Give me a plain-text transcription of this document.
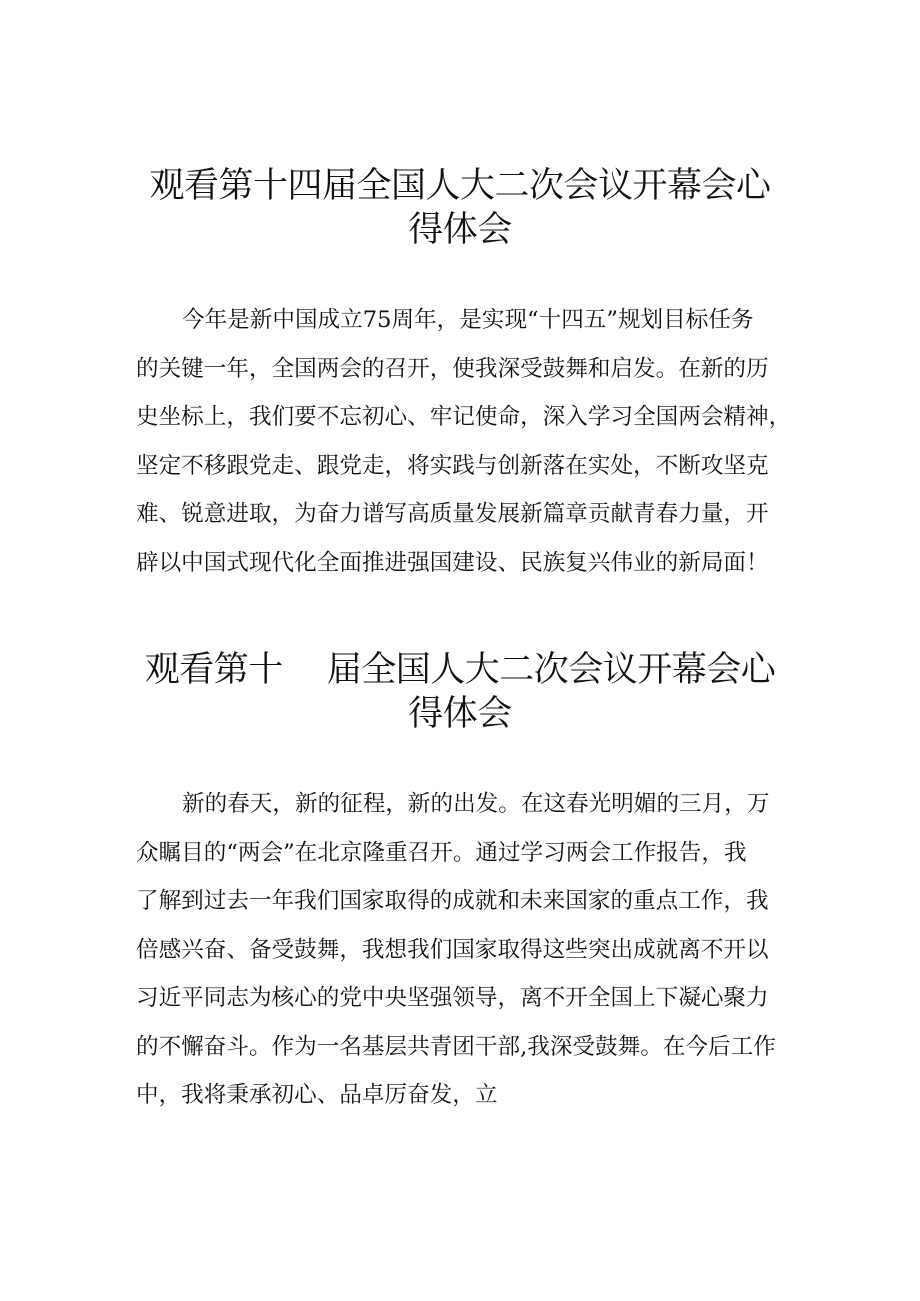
观看第十四届全国人大二次会议开幕会心
得体会
今年是新中国成立75周年，是实现“十四五”规划目标任务
的关键一年，全国两会的召开，使我深受鼓舞和启发。在新的历
史坐标上，我们要不忘初心、牢记使命，深入学习全国两会精神，
坚定不移跟党走、跟党走，将实践与创新落在实处，不断攻坚克
难、锐意进取，为奋力谱写高质量发展新篇章贡献青春力量，开
辟以中国式现代化全面推进强国建设、民族复兴伟业的新局面！
观看第十 届全国人大二次会议开幕会心
得体会
新的春天，新的征程，新的出发。在这春光明媚的三月，万
众瞩目的“两会”在北京隆重召开。通过学习两会工作报告，我
了解到过去一年我们国家取得的成就和未来国家的重点工作，我
倍感兴奋、备受鼓舞，我想我们国家取得这些突出成就离不开以
习近平同志为核心的党中央坚强领导，离不开全国上下凝心聚力
的不懈奋斗。作为一名基层共青团干部,我深受鼓舞。在今后工作
中，我将秉承初心、品卓厉奋发，立
